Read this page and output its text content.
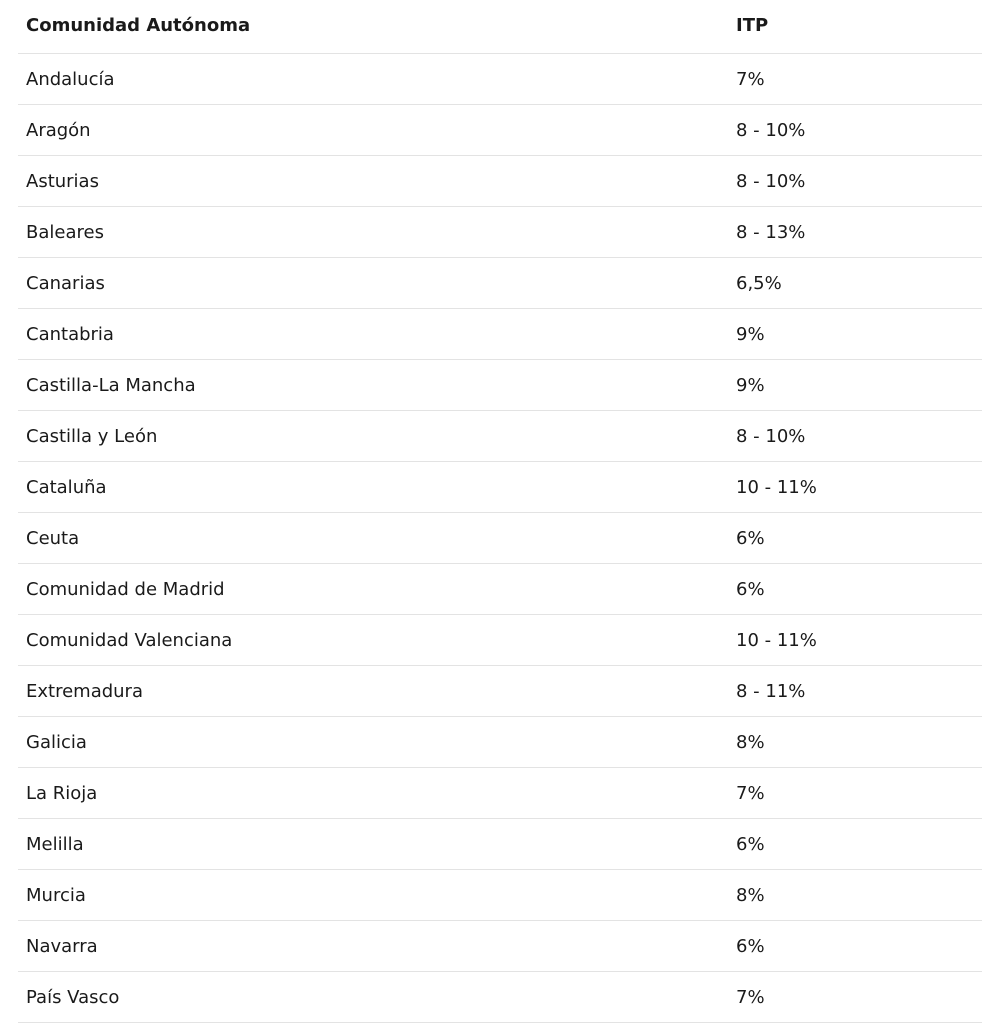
Comunidad Autónoma	ITP
Andalucía	7%
Aragón	8 - 10%
Asturias	8 - 10%
Baleares	8 - 13%
Canarias	6,5%
Cantabria	9%
Castilla-La Mancha	9%
Castilla y León	8 - 10%
Cataluña	10 - 11%
Ceuta	6%
Comunidad de Madrid	6%
Comunidad Valenciana	10 - 11%
Extremadura	8 - 11%
Galicia	8%
La Rioja	7%
Melilla	6%
Murcia	8%
Navarra	6%
País Vasco	7%
